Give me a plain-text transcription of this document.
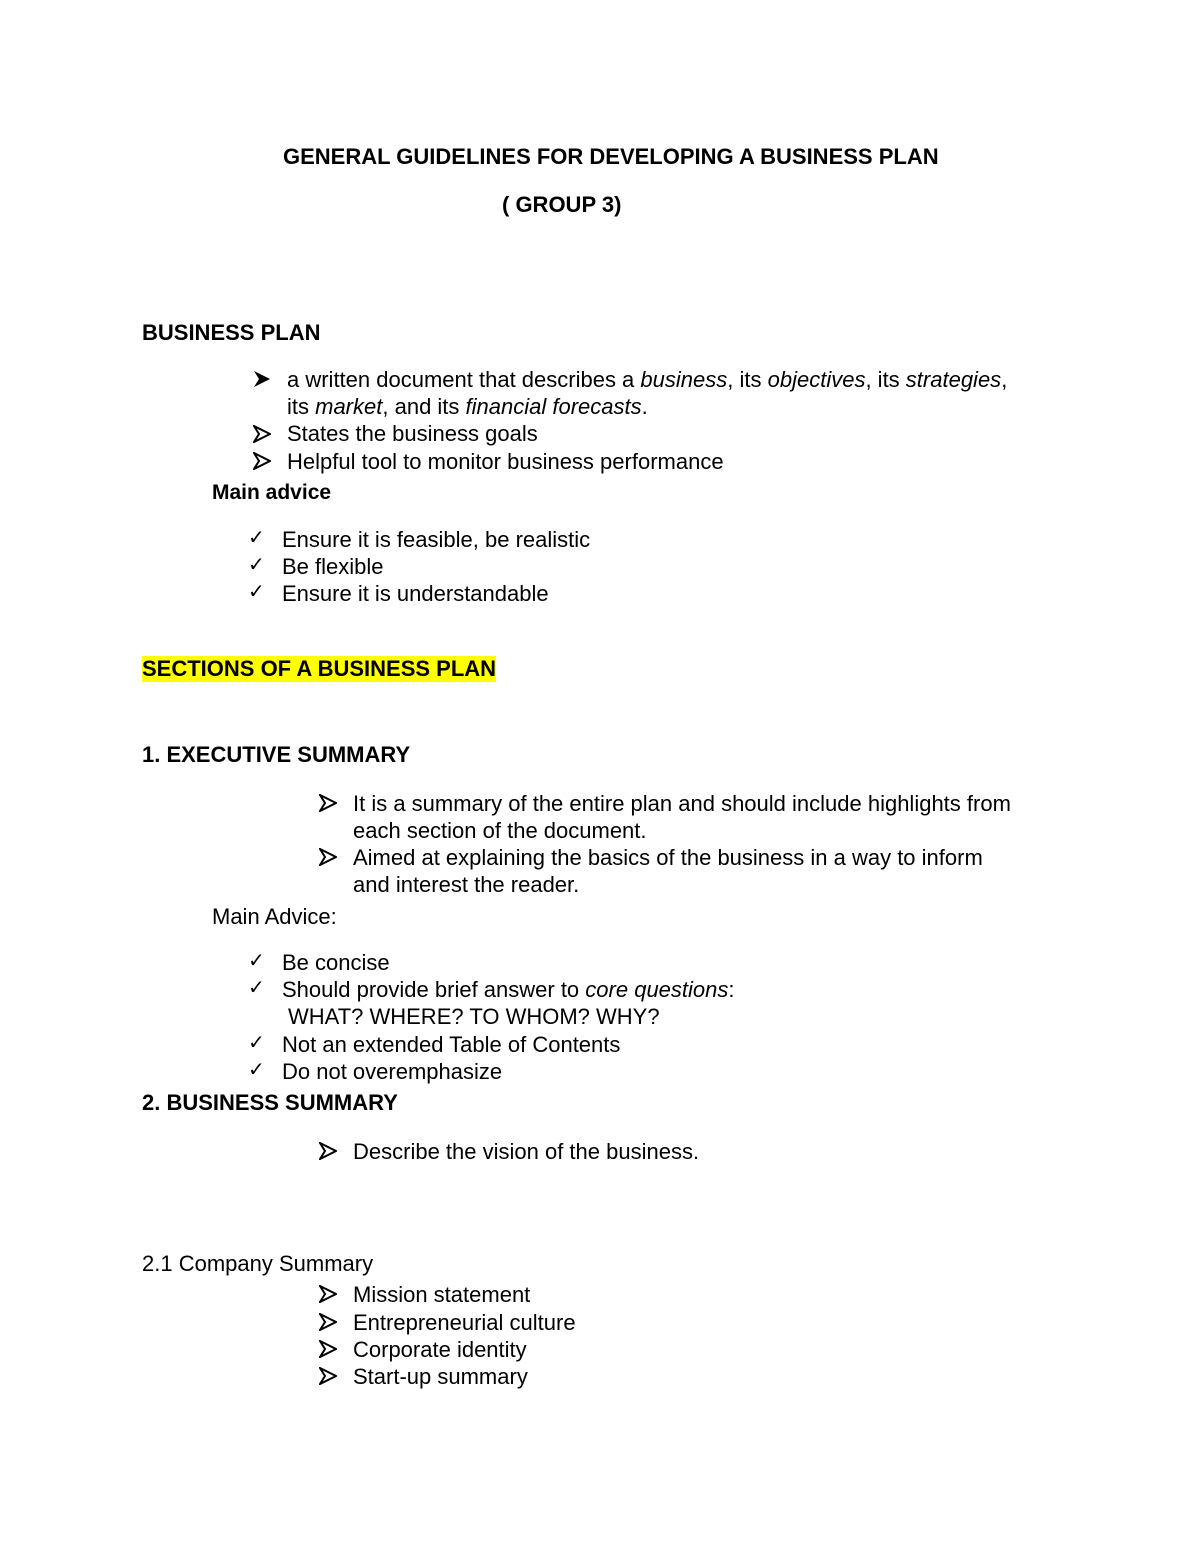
GENERAL GUIDELINES FOR DEVELOPING A BUSINESS PLAN
( GROUP 3)
BUSINESS PLAN
a written document that describes a business, its objectives, its strategies,
its market, and its financial forecasts.
States the business goals
Helpful tool to monitor business performance
Main advice
✓ Ensure it is feasible, be realistic
✓ Be flexible
✓ Ensure it is understandable
SECTIONS OF A BUSINESS PLAN
1. EXECUTIVE SUMMARY
It is a summary of the entire plan and should include highlights from
each section of the document.
Aimed at explaining the basics of the business in a way to inform
and interest the reader.
Main Advice:
✓ Be concise
✓ Should provide brief answer to core questions:
WHAT? WHERE? TO WHOM? WHY?
✓ Not an extended Table of Contents
✓ Do not overemphasize
2. BUSINESS SUMMARY
Describe the vision of the business.
2.1 Company Summary
Mission statement
Entrepreneurial culture
Corporate identity
Start-up summary
